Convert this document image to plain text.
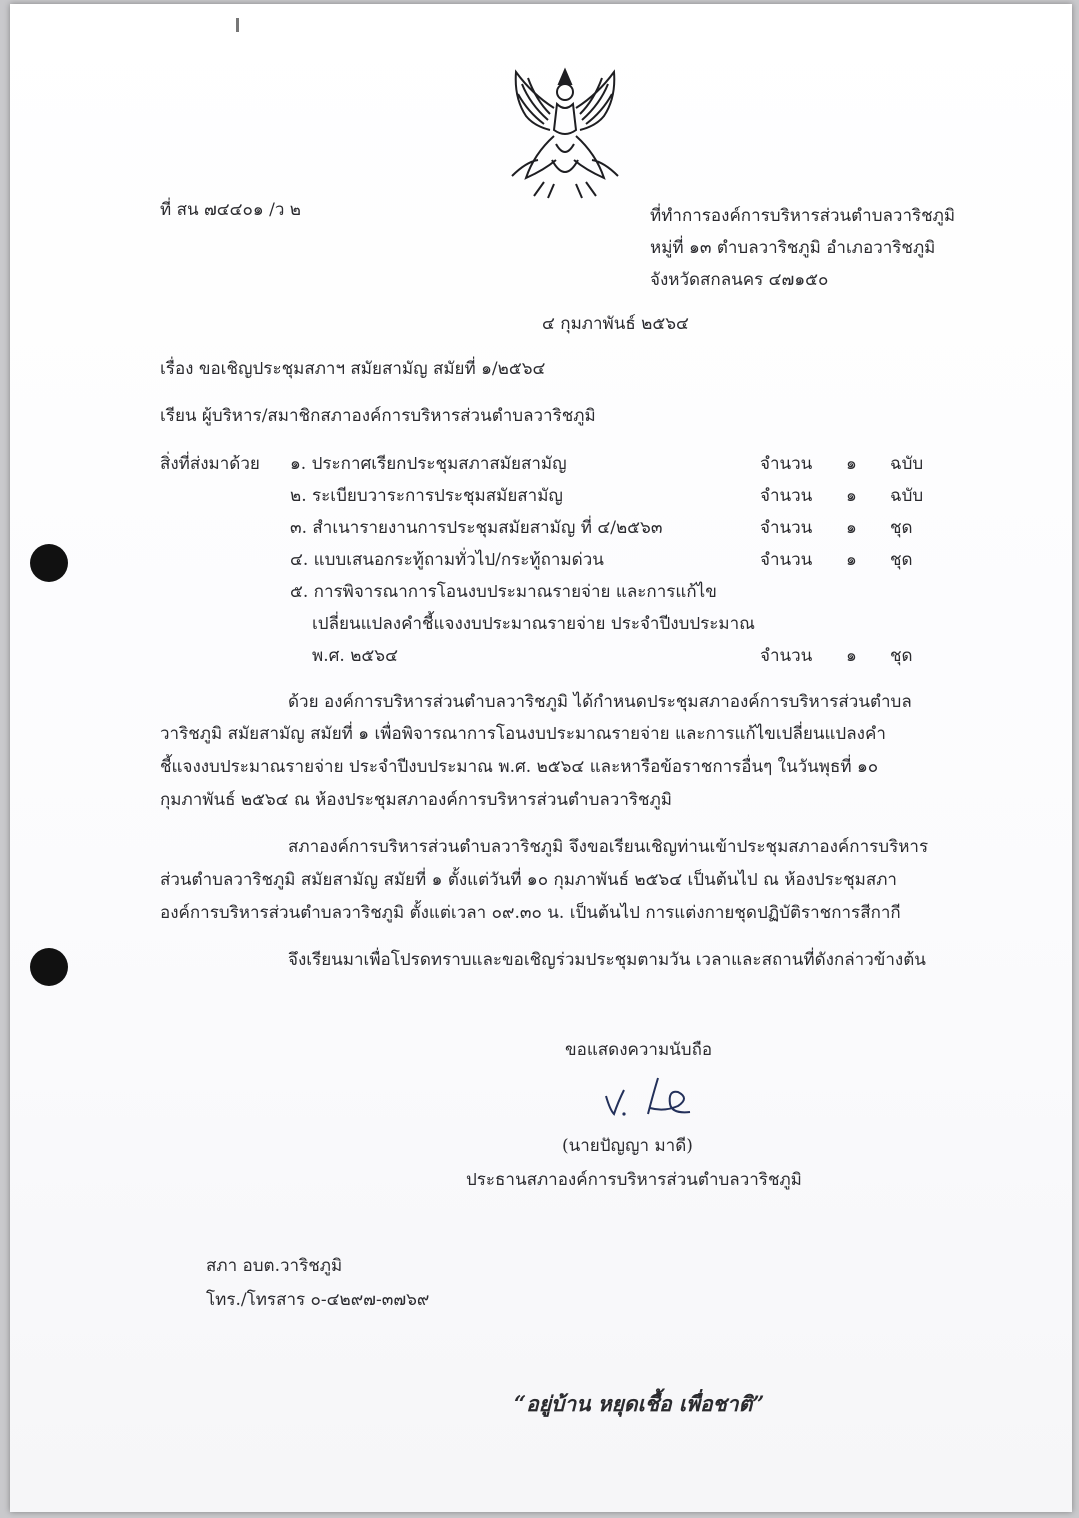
ที่ สน ๗๔๔๐๑ /ว ๒	ที่ทำการองค์การบริหารส่วนตำบลวาริชภูมิ
หมู่ที่ ๑๓ ตำบลวาริชภูมิ อำเภอวาริชภูมิ
จังหวัดสกลนคร ๔๗๑๕๐
๔ กุมภาพันธ์ ๒๕๖๔
เรื่อง ขอเชิญประชุมสภาฯ สมัยสามัญ สมัยที่ ๑/๒๕๖๔
เรียน ผู้บริหาร/สมาชิกสภาองค์การบริหารส่วนตำบลวาริชภูมิ
สิ่งที่ส่งมาด้วย ๑. ประกาศเรียกประชุมสภาสมัยสามัญ	จำนวน ๑ ฉบับ
๒. ระเบียบวาระการประชุมสมัยสามัญ	จำนวน ๑ ฉบับ
๓. สำเนารายงานการประชุมสมัยสามัญ ที่ ๔/๒๕๖๓	จำนวน ๑ ชุด
๔. แบบเสนอกระทู้ถามทั่วไป/กระทู้ถามด่วน	จำนวน ๑ ชุด
๕. การพิจารณาการโอนงบประมาณรายจ่าย และการแก้ไข
เปลี่ยนแปลงคำชี้แจงงบประมาณรายจ่าย ประจำปีงบประมาณ
พ.ศ. ๒๕๖๔	จำนวน ๑ ชุด
ด้วย องค์การบริหารส่วนตำบลวาริชภูมิ ได้กำหนดประชุมสภาองค์การบริหารส่วนตำบล
วาริชภูมิ สมัยสามัญ สมัยที่ ๑ เพื่อพิจารณาการโอนงบประมาณรายจ่าย และการแก้ไขเปลี่ยนแปลงคำ
ชี้แจงงบประมาณรายจ่าย ประจำปีงบประมาณ พ.ศ. ๒๕๖๔ และหารือข้อราชการอื่นๆ ในวันพุธที่ ๑๐
กุมภาพันธ์ ๒๕๖๔ ณ ห้องประชุมสภาองค์การบริหารส่วนตำบลวาริชภูมิ
สภาองค์การบริหารส่วนตำบลวาริชภูมิ จึงขอเรียนเชิญท่านเข้าประชุมสภาองค์การบริหาร
ส่วนตำบลวาริชภูมิ สมัยสามัญ สมัยที่ ๑ ตั้งแต่วันที่ ๑๐ กุมภาพันธ์ ๒๕๖๔ เป็นต้นไป ณ ห้องประชุมสภา
องค์การบริหารส่วนตำบลวาริชภูมิ ตั้งแต่เวลา ๐๙.๓๐ น. เป็นต้นไป การแต่งกายชุดปฏิบัติราชการสีกากี
จึงเรียนมาเพื่อโปรดทราบและขอเชิญร่วมประชุมตามวัน เวลาและสถานที่ดังกล่าวข้างต้น
ขอแสดงความนับถือ
(นายปัญญา มาดี)
ประธานสภาองค์การบริหารส่วนตำบลวาริชภูมิ
สภา อบต.วาริชภูมิ
โทร./โทรสาร ๐-๔๒๙๗-๓๗๖๙
“อยู่บ้าน หยุดเชื้อ เพื่อชาติ”
